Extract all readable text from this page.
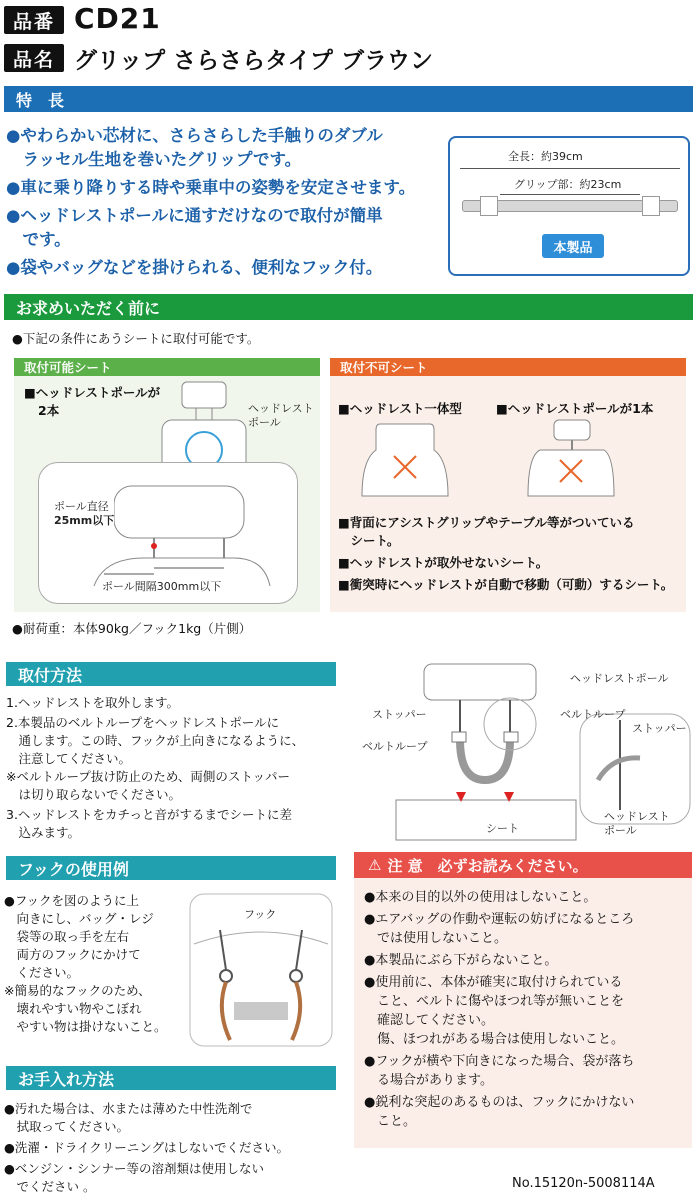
品番 CD21
品名 グリップ さらさらタイプ ブラウン
特　長
●やわらかい芯材に、さらさらした手触りのダブル
　ラッセル生地を巻いたグリップです。
●車に乗り降りする時や乗車中の姿勢を安定させます。
●ヘッドレストポールに通すだけなので取付が簡単
　です。
●袋やバッグなどを掛けられる、便利なフック付。
全長：約39cm
グリップ部：約23cm
本製品
お求めいただく前に
●下記の条件にあうシートに取付可能です。
取付可能シート
■ヘッドレストポールが
2本	ヘッドレスト
ポール
ポール直径
25mm以下
ポール間隔300mm以下
取付不可シート
■ヘッドレスト一体型	■ヘッドレストポールが1本
■背面にアシストグリップやテーブル等がついている
　シート。
■ヘッドレストが取外せないシート。
■衝突時にヘッドレストが自動で移動（可動）するシート。
●耐荷重：本体90kg／フック1kg（片側）
取付方法
1.ヘッドレストを取外します。
2.本製品のベルトループをヘッドレストポールに
　通します。この時、フックが上向きになるように、
　注意してください。
※ベルトループ抜け防止のため、両側のストッパー
　は切り取らないでください。
3.ヘッドレストをカチっと音がするまでシートに差
　込みます。
ヘッドレストポール
ストッパー
ベルトループ
ベルトループ
ストッパー
シート
ヘッドレスト
ポール
フックの使用例
●フックを図のように上
　向きにし、バッグ・レジ
　袋等の取っ手を左右
　両方のフックにかけて
　ください。
※簡易的なフックのため、
　壊れやすい物やこぼれ
　やすい物は掛けないこと。
フック
お手入れ方法
●汚れた場合は、水または薄めた中性洗剤で
　拭取ってください。
●洗濯・ドライクリーニングはしないでください。
●ベンジン・シンナー等の溶剤類は使用しない
　でください 。
⚠ 注 意　必ずお読みください。
●本来の目的以外の使用はしないこと。
●エアバッグの作動や運転の妨げになるところ
　では使用しないこと。
●本製品にぶら下がらないこと。
●使用前に、本体が確実に取付けられている
　こと、ベルトに傷やほつれ等が無いことを
　確認してください。
　傷、ほつれがある場合は使用しないこと。
●フックが横や下向きになった場合、袋が落ち
　る場合があります。
●鋭利な突起のあるものは、フックにかけない
　こと。
No.15120n-5008114A
